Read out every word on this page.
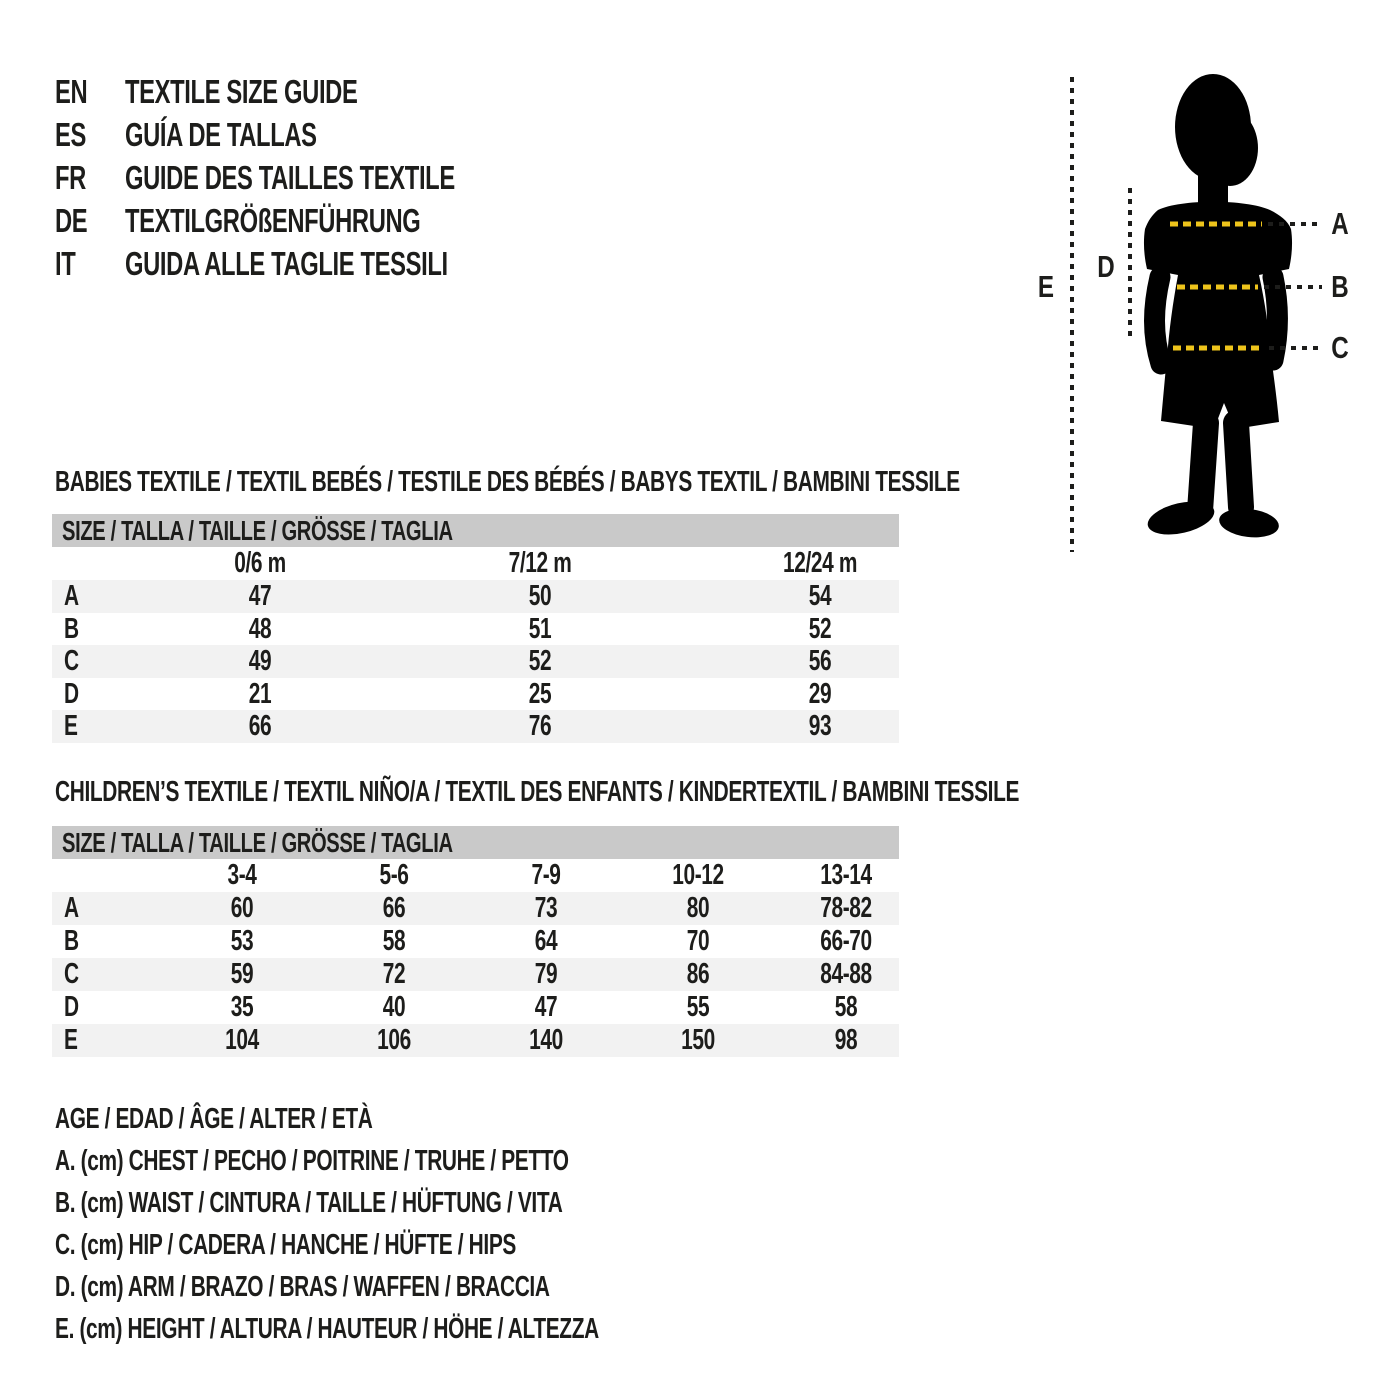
EN	TEXTILE SIZE GUIDE
ES	GUÍA DE TALLAS
FR	GUIDE DES TAILLES TEXTILE
DE	TEXTILGRÖßENFÜHRUNG
IT GUIDA ALLE TAGLIE TESSILI
A
B
C
D
E
BABIES TEXTILE / TEXTIL BEBÉS / TESTILE DES BÉBÉS / BABYS TEXTIL / BAMBINI TESSILE
SIZE / TALLA / TAILLE / GRÖSSE / TAGLIA
0/6 m	7/12 m	12/24 m
A	47	50	54
B	48	51	52
C	49	52	56
D	21	25	29
E	66	76	93
CHILDREN’S TEXTILE / TEXTIL NIÑO/A / TEXTIL DES ENFANTS / KINDERTEXTIL / BAMBINI TESSILE
SIZE / TALLA / TAILLE / GRÖSSE / TAGLIA
3-4	5-6	7-9	10-12	13-14
A	60	66	73	80	78-82
B	53	58	64	70	66-70
C	59	72	79	86	84-88
D	35	40	47	55	58
E	104	106	140	150	98
AGE / EDAD / ÂGE / ALTER / ETÀ
A. (cm) CHEST / PECHO / POITRINE / TRUHE / PETTO
B. (cm) WAIST / CINTURA / TAILLE / HÜFTUNG / VITA
C. (cm) HIP / CADERA / HANCHE / HÜFTE / HIPS
D. (cm) ARM / BRAZO / BRAS / WAFFEN / BRACCIA
E. (cm) HEIGHT / ALTURA / HAUTEUR / HÖHE / ALTEZZA
